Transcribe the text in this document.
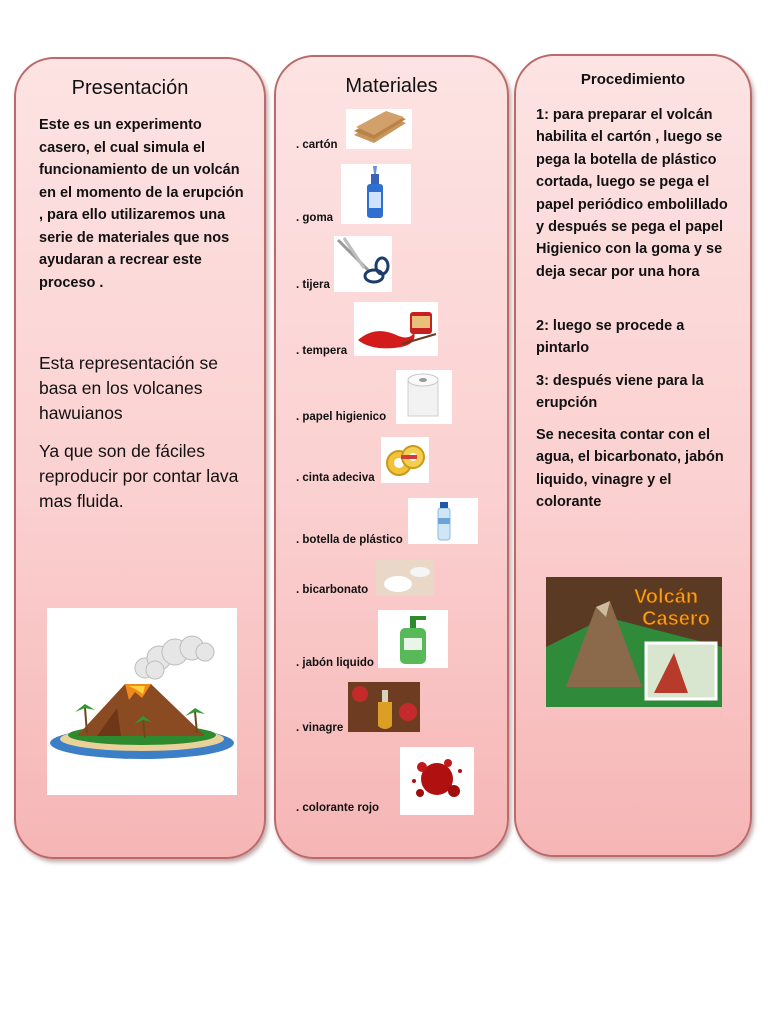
Presentación
Este es un experimento casero, el cual simula el funcionamiento de un volcán en el momento de la erupción , para ello utilizaremos una serie de materiales que nos ayudaran a recrear este proceso .
Esta representación se basa en los volcanes hawuianos
Ya que son de fáciles reproducir por contar lava mas fluida.
Materiales
. cartón
. goma
. tijera
. tempera
. papel higienico
. cinta adeciva
. botella de plástico
. bicarbonato
. jabón liquido
. vinagre
. colorante rojo
Procedimiento
1: para preparar el volcán habilita el cartón , luego se pega la botella de plástico cortada, luego se pega el papel periódico embolillado y después se pega el papel Higienico con la goma y se deja secar por una hora
2: luego se procede a pintarlo
3: después viene para la erupción
Se necesita contar con el agua, el bicarbonato, jabón liquido, vinagre y el colorante
Volcán
Casero
